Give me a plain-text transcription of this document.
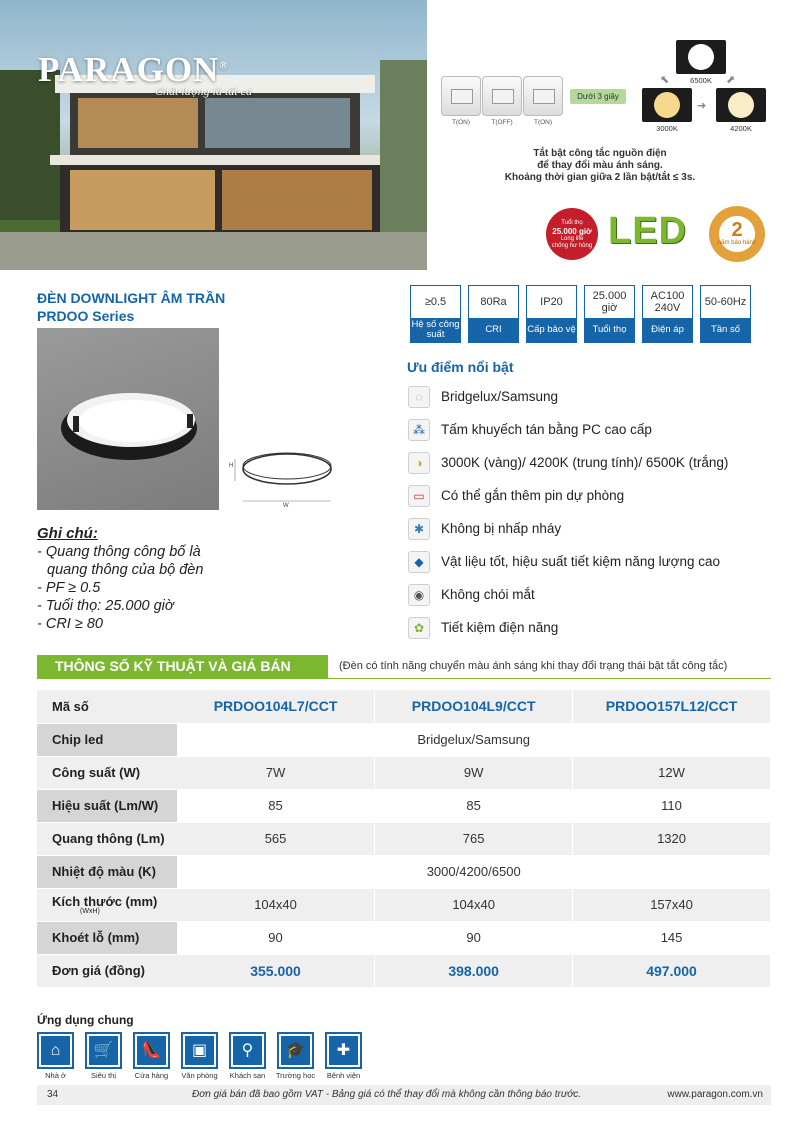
PARAGON®
Chất lượng là tất cả
T(ON)	T(OFF)	T(ON)
Dưới 3 giây
6500K
3000K	4200K
➜
⬉	⬈
Tắt bật công tắc nguồn điện
để thay đổi màu ánh sáng.
Khoảng thời gian giữa 2 lần bật/tắt ≤ 3s.
Tuổi thọ
25.000 giờ
Long life
chống hư hỏng LED	2
năm bảo hành
ĐÈN DOWNLIGHT ÂM TRẦN
PRDOO Series
H
W
≥0.5
Hệ số công suất
80Ra
CRI
IP20
Cấp bảo vệ
25.000 giờ
Tuổi thọ
AC100 240V
Điện áp
50-60Hz
Tần số
Ưu điểm nổi bật
◌	Bridgelux/Samsung
⁂	Tấm khuyếch tán bằng PC cao cấp
◑	3000K (vàng)/ 4200K (trung tính)/ 6500K (trắng)
▭	Có thể gắn thêm pin dự phòng
✱	Không bị nhấp nháy
◆	Vật liệu tốt, hiệu suất tiết kiệm năng lượng cao
◉	Không chói mắt
✿	Tiết kiệm điện năng
Ghi chú:
- Quang thông công bố là
quang thông của bộ đèn
- PF ≥ 0.5
- Tuổi thọ: 25.000 giờ
- CRI ≥ 80
THÔNG SỐ KỸ THUẬT VÀ GIÁ BÁN	(Đèn có tính năng chuyển màu ánh sáng khi thay đổi trạng thái bật tắt công tắc)
Mã số	PRDOO104L7/CCT	PRDOO104L9/CCT	PRDOO157L12/CCT
Chip led	Bridgelux/Samsung		
Công suất (W)	7W	9W	12W
Hiệu suất (Lm/W)	85	85	110
Quang thông (Lm)	565	765	1320
Nhiệt độ màu (K)	3000/4200/6500		
Kích thước (mm)
(WxH)	104x40	104x40	157x40
Khoét lỗ (mm)	90	90	145
Đơn giá (đồng)	355.000	398.000	497.000
Ứng dụng chung
⌂
Nhà ở
🛒
Siêu thị
👠
Cửa hàng
▣
Văn phòng
⚲
Khách sạn
🎓
Trường học
✚
Bệnh viện
34	Đơn giá bán đã bao gồm VAT - Bảng giá có thể thay đổi mà không cần thông báo trước.	www.paragon.com.vn
